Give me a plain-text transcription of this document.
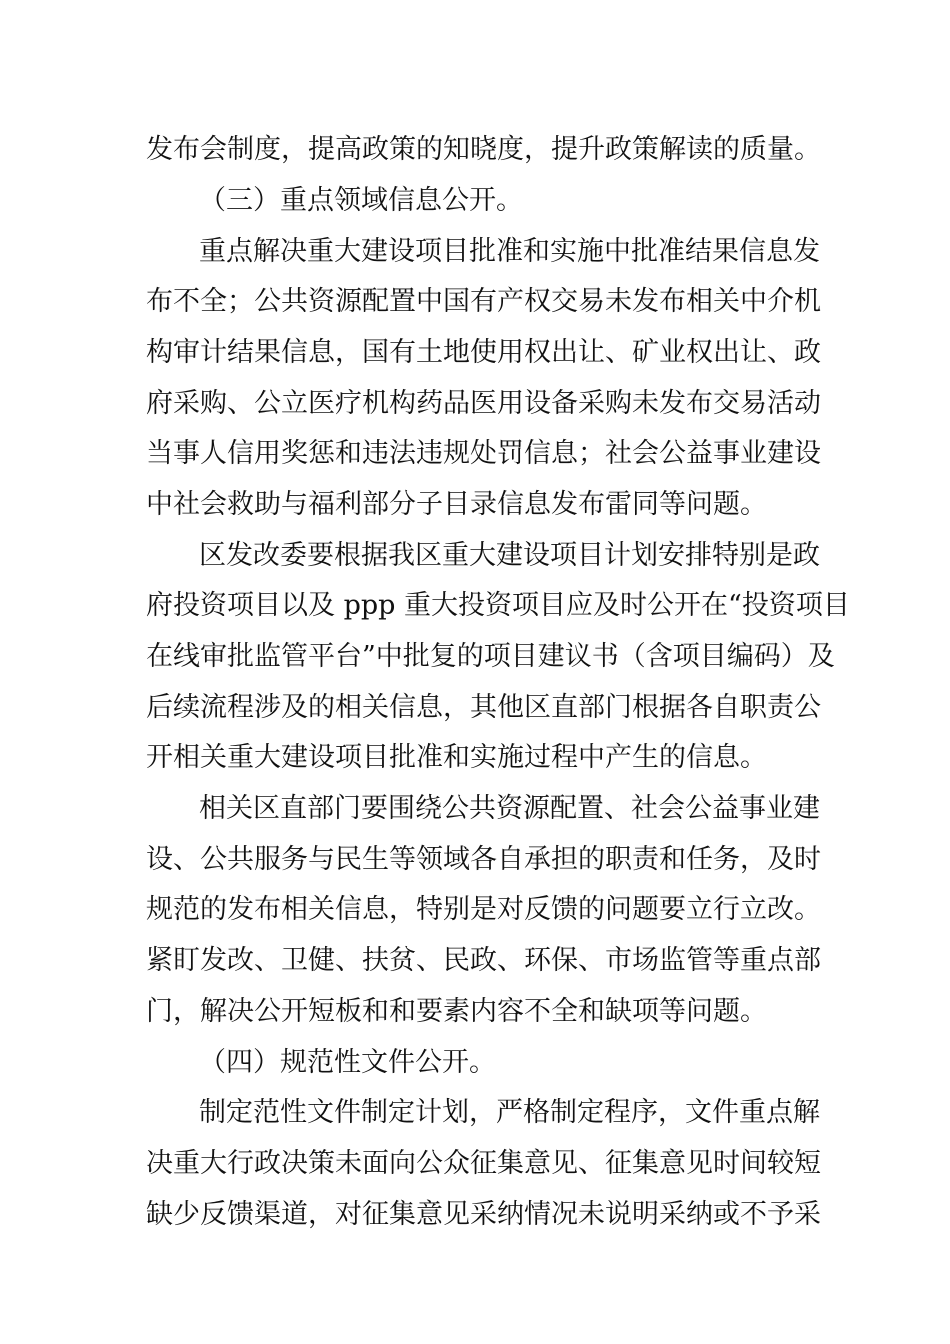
发布会制度，提高政策的知晓度，提升政策解读的质量。
（三）重点领域信息公开。
重点解决重大建设项目批准和实施中批准结果信息发
布不全；公共资源配置中国有产权交易未发布相关中介机
构审计结果信息，国有土地使用权出让、矿业权出让、政
府采购、公立医疗机构药品医用设备采购未发布交易活动
当事人信用奖惩和违法违规处罚信息；社会公益事业建设
中社会救助与福利部分子目录信息发布雷同等问题。
区发改委要根据我区重大建设项目计划安排特别是政
府投资项目以及 ppp 重大投资项目应及时公开在“投资项目
在线审批监管平台”中批复的项目建议书（含项目编码）及
后续流程涉及的相关信息，其他区直部门根据各自职责公
开相关重大建设项目批准和实施过程中产生的信息。
相关区直部门要围绕公共资源配置、社会公益事业建
设、公共服务与民生等领域各自承担的职责和任务，及时
规范的发布相关信息，特别是对反馈的问题要立行立改。
紧盯发改、卫健、扶贫、民政、环保、市场监管等重点部
门，解决公开短板和和要素内容不全和缺项等问题。
（四）规范性文件公开。
制定范性文件制定计划，严格制定程序，文件重点解
决重大行政决策未面向公众征集意见、征集意见时间较短
缺少反馈渠道，对征集意见采纳情况未说明采纳或不予采
